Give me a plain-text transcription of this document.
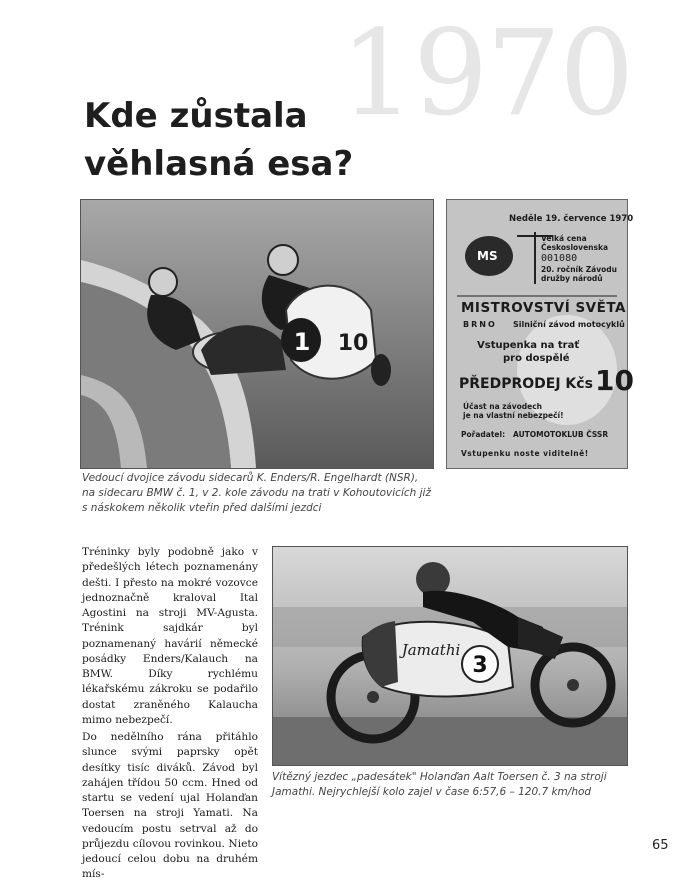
1970
Kde zůstala
věhlasná esa?
1 10
Neděle 19. července 1970
MS
Velká cena
Československa
001080
20. ročník Závodu
družby národů
MISTROVSTVÍ SVĚTA
BRNO Silniční závod motocyklů
Vstupenka na trať
pro dospělé
PŘEDPRODEJ Kčs 10
Účast na závodech
je na vlastní nebezpečí!
Pořadatel: AUTOMOTOKLUB ČSSR
Vstupenku noste viditelně!

Vedoucí dvojice závodu sidecarů K. Enders/R. Engelhardt (NSR), na sidecaru BMW č. 1, v 2. kole závodu na trati v Kohoutovicích již s náskokem několik vteřin před dalšími jezdci

Tréninky byly podobně jako v předešlých létech poznamenány dešti. I přesto na mokré vozovce jednoznačně kraloval Ital Agostini na stroji MV-Agusta. Trénink sajdkár byl poznamenaný havárií německé posádky Enders/Kalauch na BMW. Díky rychlému lékařskému zákroku se podařilo dostat zraněného Kalaucha mimo nebezpečí.

Do nedělního rána přitáhlo slunce svými paprsky opět desítky tisíc diváků. Závod byl zahájen třídou 50 ccm. Hned od startu se vedení ujal Holanďan Toersen na stroji Yamati. Na vedoucím postu setrval až do průjezdu cílovou rovinkou. Nieto jedoucí celou dobu na druhém mís-

Jamathi
3

Vítězný jezdec „padesátek" Holanďan Aalt Toersen č. 3 na stroji Jamathi. Nejrychlejší kolo zajel v čase 6:57,6 – 120.7 km/hod

65
